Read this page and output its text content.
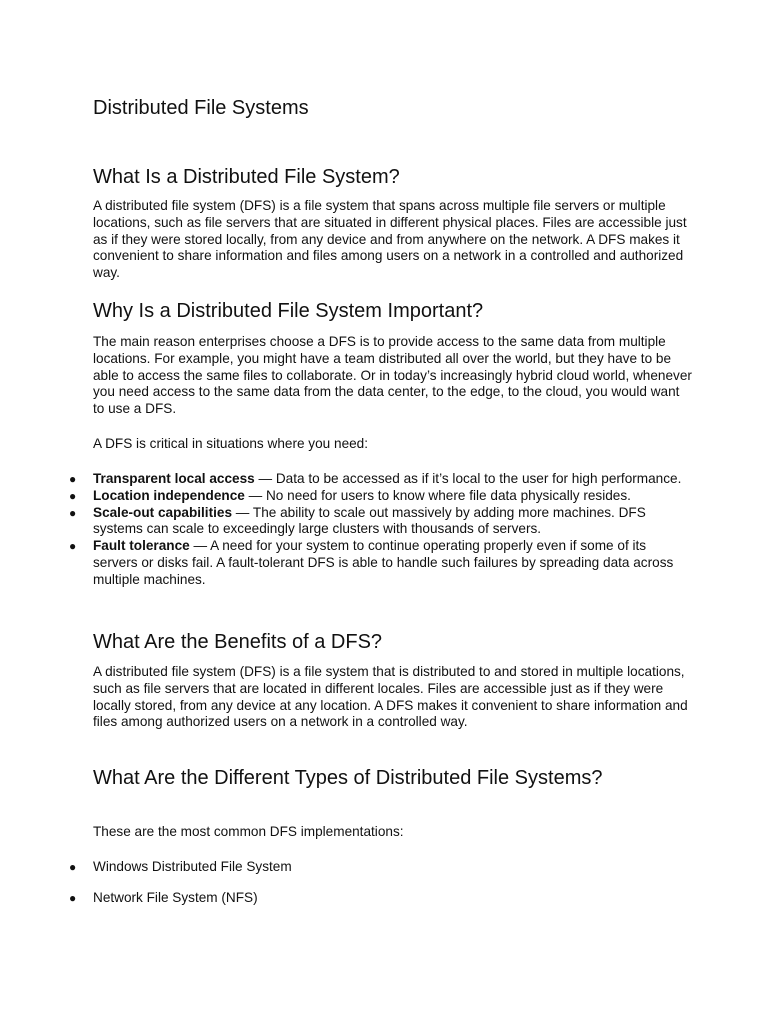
Distributed File Systems
What Is a Distributed File System?

A distributed file system (DFS) is a file system that spans across multiple file servers or multiple locations, such as file servers that are situated in different physical places. Files are accessible just as if they were stored locally, from any device and from anywhere on the network. A DFS makes it convenient to share information and files among users on a network in a controlled and authorized way.

Why Is a Distributed File System Important?

The main reason enterprises choose a DFS is to provide access to the same data from multiple locations. For example, you might have a team distributed all over the world, but they have to be able to access the same files to collaborate. Or in today’s increasingly hybrid cloud world, whenever you need access to the same data from the data center, to the edge, to the cloud, you would want to use a DFS.

A DFS is critical in situations where you need:

● Transparent local access — Data to be accessed as if it’s local to the user for high performance.
● Location independence — No need for users to know where file data physically resides.
● Scale-out capabilities — The ability to scale out massively by adding more machines. DFS systems can scale to exceedingly large clusters with thousands of servers.
● Fault tolerance — A need for your system to continue operating properly even if some of its servers or disks fail. A fault-tolerant DFS is able to handle such failures by spreading data across multiple machines.
What Are the Benefits of a DFS?

A distributed file system (DFS) is a file system that is distributed to and stored in multiple locations, such as file servers that are located in different locales. Files are accessible just as if they were locally stored, from any device at any location. A DFS makes it convenient to share information and files among authorized users on a network in a controlled way.

What Are the Different Types of Distributed File Systems?

These are the most common DFS implementations:

● Windows Distributed File System
● Network File System (NFS)
